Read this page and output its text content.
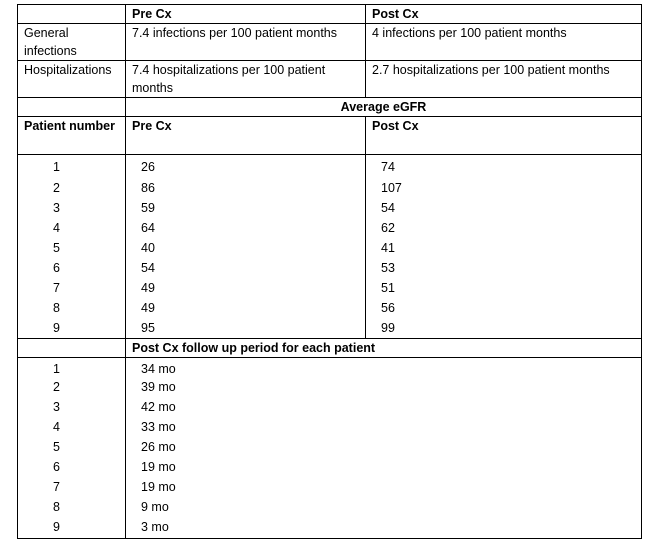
	Pre Cx	Post Cx
General infections	7.4 infections per 100 patient months	4 infections per 100 patient months
Hospitalizations	7.4 hospitalizations per 100 patient months	2.7 hospitalizations per 100 patient months
	Average eGFR	
Patient number	Pre Cx	Post Cx
1	26	74
2	86	107
3	59	54
4	64	62
5	40	41
6	54	53
7	49	51
8	49	56
9	95	99
	Post Cx follow up period for each patient	
1	34 mo	
2	39 mo	
3	42 mo	
4	33 mo	
5	26 mo	
6	19 mo	
7	19 mo	
8	9 mo	
9	3 mo	
